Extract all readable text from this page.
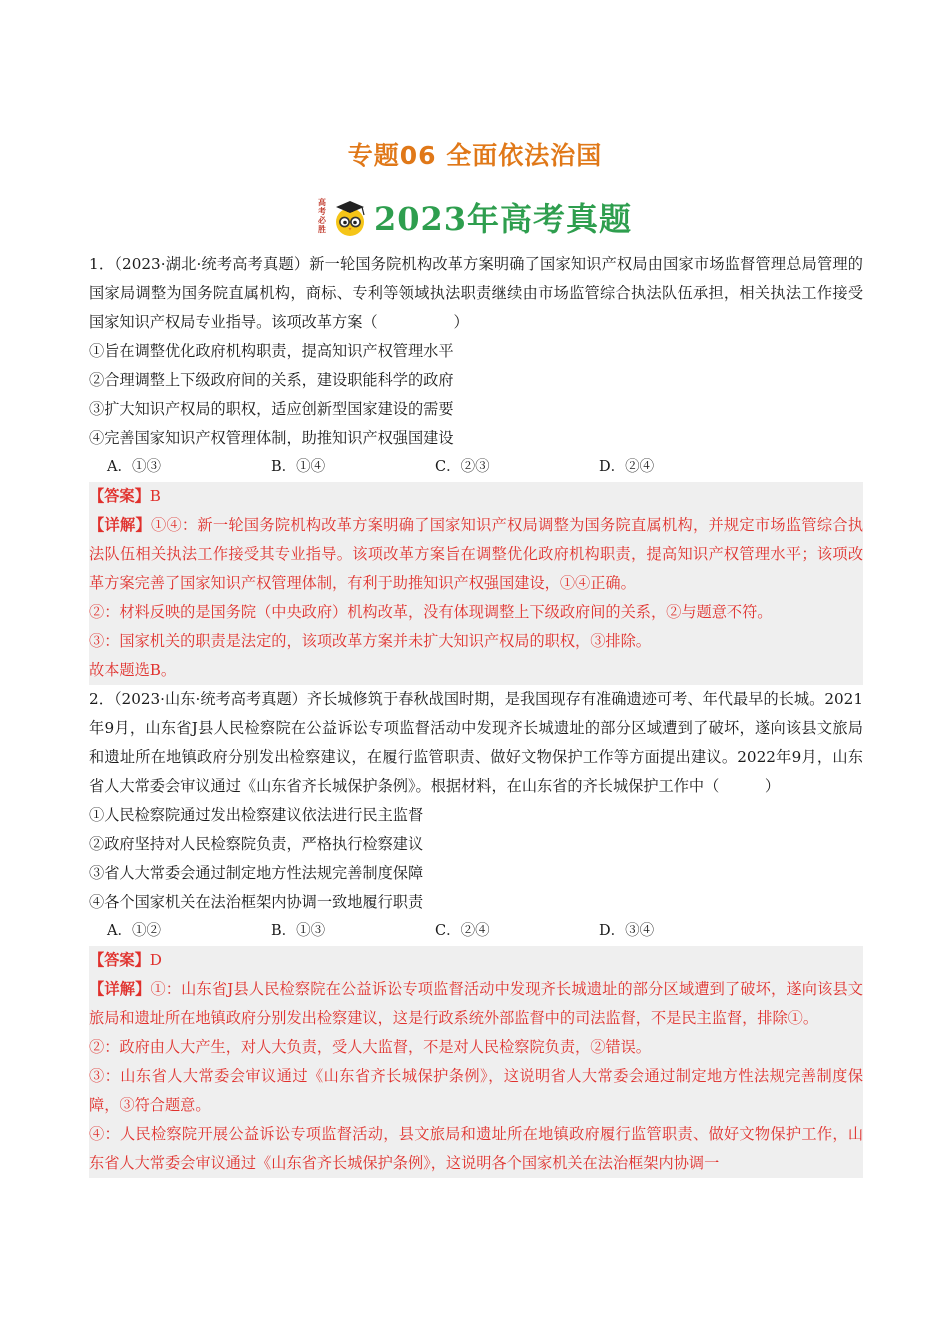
专题06 全面依法治国
高考必胜 2023年高考真题

1．（2023·湖北·统考高考真题）新一轮国务院机构改革方案明确了国家知识产权局由国家市场监督管理总局管理的国家局调整为国务院直属机构，商标、专利等领域执法职责继续由市场监管综合执法队伍承担，相关执法工作接受国家知识产权局专业指导。该项改革方案（　　　　　）

①旨在调整优化政府机构职责，提高知识产权管理水平

②合理调整上下级政府间的关系，建设职能科学的政府

③扩大知识产权局的职权，适应创新型国家建设的需要

④完善国家知识产权管理体制，助推知识产权强国建设

A．①③	B．①④	C．②③	D．②④

【答案】B

【详解】①④：新一轮国务院机构改革方案明确了国家知识产权局调整为国务院直属机构，并规定市场监管综合执法队伍相关执法工作接受其专业指导。该项改革方案旨在调整优化政府机构职责，提高知识产权管理水平；该项改革方案完善了国家知识产权管理体制，有利于助推知识产权强国建设，①④正确。

②：材料反映的是国务院（中央政府）机构改革，没有体现调整上下级政府间的关系，②与题意不符。

③：国家机关的职责是法定的，该项改革方案并未扩大知识产权局的职权，③排除。

故本题选B。

2．（2023·山东·统考高考真题）齐长城修筑于春秋战国时期，是我国现存有准确遗迹可考、年代最早的长城。2021年9月，山东省J县人民检察院在公益诉讼专项监督活动中发现齐长城遗址的部分区域遭到了破坏，遂向该县文旅局和遗址所在地镇政府分别发出检察建议，在履行监管职责、做好文物保护工作等方面提出建议。2022年9月，山东省人大常委会审议通过《山东省齐长城保护条例》。根据材料，在山东省的齐长城保护工作中（　　　）

①人民检察院通过发出检察建议依法进行民主监督

②政府坚持对人民检察院负责，严格执行检察建议

③省人大常委会通过制定地方性法规完善制度保障

④各个国家机关在法治框架内协调一致地履行职责

A．①②	B．①③	C．②④	D．③④

【答案】D

【详解】①：山东省J县人民检察院在公益诉讼专项监督活动中发现齐长城遗址的部分区域遭到了破坏，遂向该县文旅局和遗址所在地镇政府分别发出检察建议，这是行政系统外部监督中的司法监督，不是民主监督，排除①。

②：政府由人大产生，对人大负责，受人大监督，不是对人民检察院负责，②错误。

③：山东省人大常委会审议通过《山东省齐长城保护条例》，这说明省人大常委会通过制定地方性法规完善制度保障，③符合题意。

④：人民检察院开展公益诉讼专项监督活动，县文旅局和遗址所在地镇政府履行监管职责、做好文物保护工作，山东省人大常委会审议通过《山东省齐长城保护条例》，这说明各个国家机关在法治框架内协调一
